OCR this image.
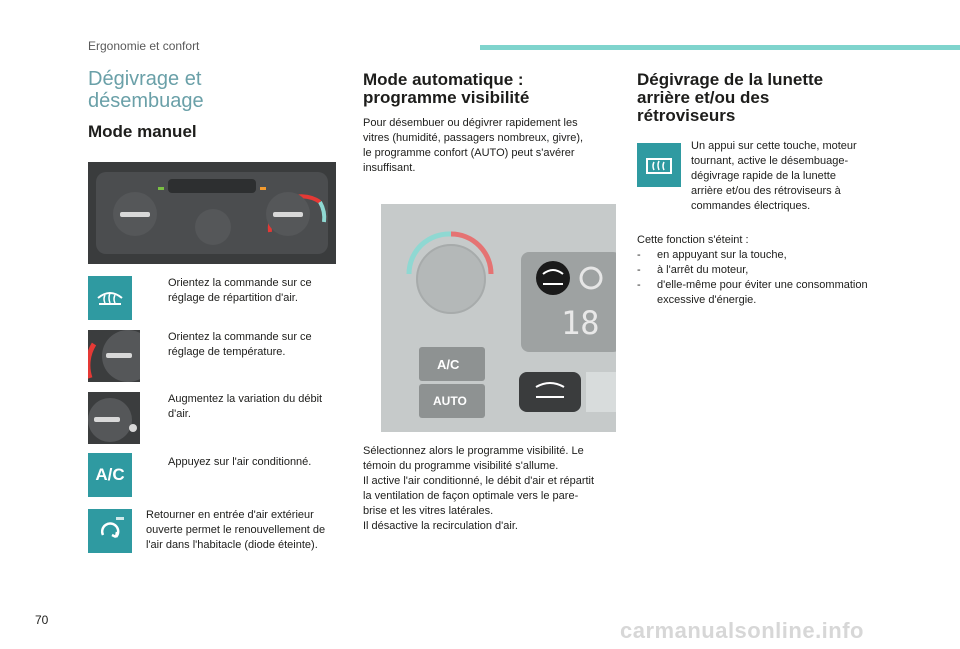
Ergonomie et confort
Dégivrage et
désembuage
Mode manuel
Orientez la commande sur ce
réglage de répartition d'air.
Orientez la commande sur ce
réglage de température.
Augmentez la variation du débit
d'air.
A/C
Appuyez sur l'air conditionné.
Retourner en entrée d'air extérieur
ouverte permet le renouvellement de
l'air dans l'habitacle (diode éteinte).
Mode automatique :
programme visibilité
Pour désembuer ou dégivrer rapidement les
vitres (humidité, passagers nombreux, givre),
le programme confort (AUTO) peut s'avérer
insuffisant.
A/C
AUTO
18
Sélectionnez alors le programme visibilité. Le
témoin du programme visibilité s'allume.
Il active l'air conditionné, le débit d'air et répartit
la ventilation de façon optimale vers le pare-
brise et les vitres latérales.
Il désactive la recirculation d'air.
Dégivrage de la lunette
arrière et/ou des
rétroviseurs
Un appui sur cette touche, moteur
tournant, active le désembuage-
dégivrage rapide de la lunette
arrière et/ou des rétroviseurs à
commandes électriques.
Cette fonction s'éteint :
- en appuyant sur la touche,
- à l'arrêt du moteur,
- d'elle-même pour éviter une consommation
excessive d'énergie.
70	carmanualsonline.info
